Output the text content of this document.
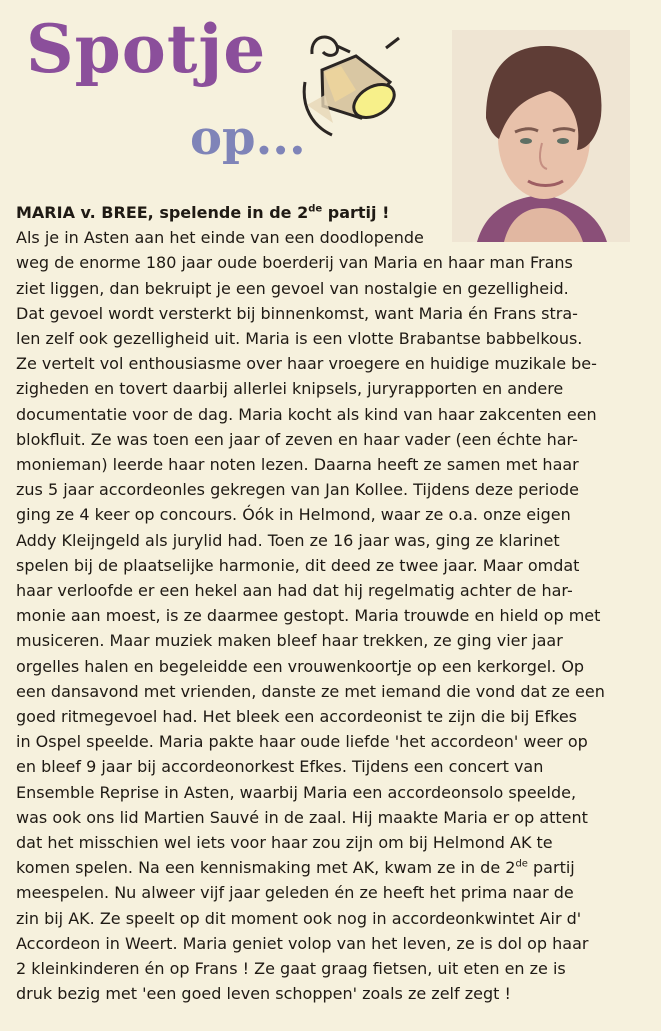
Spotje
op...
MARIA v. BREE, spelende in de 2de partij !
Als je in Asten aan het einde van een doodlopende
weg de enorme 180 jaar oude boerderij van Maria en haar man Frans
ziet liggen, dan bekruipt je een gevoel van nostalgie en gezelligheid.
Dat gevoel wordt versterkt bij binnenkomst, want Maria én Frans stra-
len zelf ook gezelligheid uit. Maria is een vlotte Brabantse babbelkous.
Ze vertelt vol enthousiasme over haar vroegere en huidige muzikale be-
zigheden en tovert daarbij allerlei knipsels, juryrapporten en andere
documentatie voor de dag. Maria kocht als kind van haar zakcenten een
blokfluit. Ze was toen een jaar of zeven en haar vader (een échte har-
monieman) leerde haar noten lezen. Daarna heeft ze samen met haar
zus 5 jaar accordeonles gekregen van Jan Kollee. Tijdens deze periode
ging ze 4 keer op concours. Óók in Helmond, waar ze o.a. onze eigen
Addy Kleijngeld als jurylid had. Toen ze 16 jaar was, ging ze klarinet
spelen bij de plaatselijke harmonie, dit deed ze twee jaar. Maar omdat
haar verloofde er een hekel aan had dat hij regelmatig achter de har-
monie aan moest, is ze daarmee gestopt. Maria trouwde en hield op met
musiceren. Maar muziek maken bleef haar trekken, ze ging vier jaar
orgelles halen en begeleidde een vrouwenkoortje op een kerkorgel. Op
een dansavond met vrienden, danste ze met iemand die vond dat ze een
goed ritmegevoel had. Het bleek een accordeonist te zijn die bij Efkes
in Ospel speelde. Maria pakte haar oude liefde 'het accordeon' weer op
en bleef 9 jaar bij accordeonorkest Efkes. Tijdens een concert van
Ensemble Reprise in Asten, waarbij Maria een accordeonsolo speelde,
was ook ons lid Martien Sauvé in de zaal. Hij maakte Maria er op attent
dat het misschien wel iets voor haar zou zijn om bij Helmond AK te
komen spelen. Na een kennismaking met AK, kwam ze in de 2de partij
meespelen. Nu alweer vijf jaar geleden én ze heeft het prima naar de
zin bij AK. Ze speelt op dit moment ook nog in accordeonkwintet Air d'
Accordeon in Weert. Maria geniet volop van het leven, ze is dol op haar
2 kleinkinderen én op Frans ! Ze gaat graag fietsen, uit eten en ze is
druk bezig met 'een goed leven schoppen' zoals ze zelf zegt !
